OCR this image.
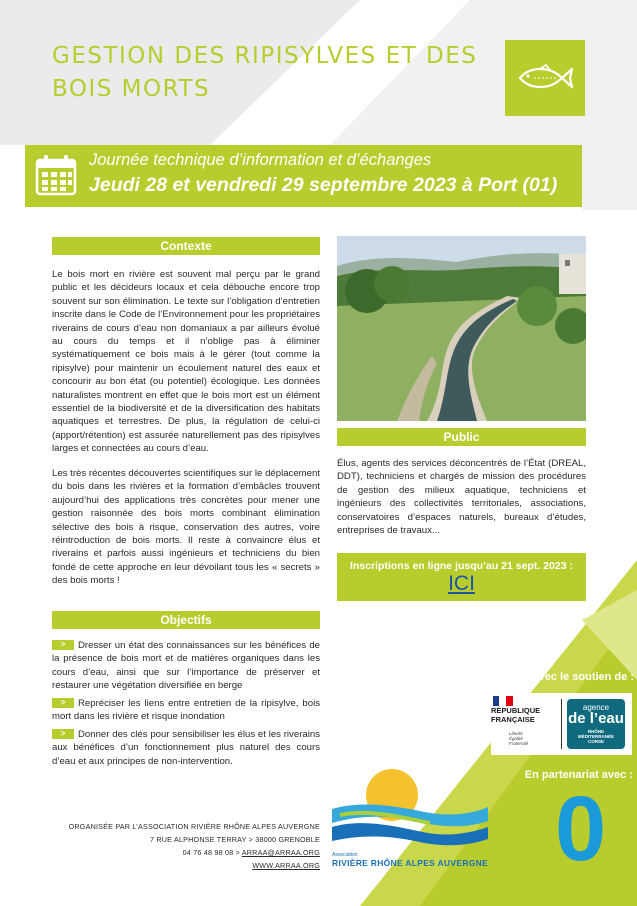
GESTION DES RIPISYLVES ET DES BOIS MORTS
Journée technique d’information et d’échanges
Jeudi 28 et vendredi 29 septembre 2023 à Port (01)
Contexte
Le bois mort en rivière est souvent mal perçu par le grand public et les décideurs locaux et cela débouche encore trop souvent sur son élimination. Le texte sur l’obligation d’entretien inscrite dans le Code de l’Environnement pour les propriétaires riverains de cours d’eau non domaniaux a par ailleurs évolué au cours du temps et il n’oblige pas à éliminer systématiquement ce bois mais à le gérer (tout comme la ripisylve) pour maintenir un écoulement naturel des eaux et concourir au bon état (ou potentiel) écologique. Les données naturalistes montrent en effet que le bois mort est un élément essentiel de la biodiversité et de la diversification des habitats aquatiques et terrestres. De plus, la régulation de celui-ci (apport/rétention) est assurée naturellement pas des ripisylves larges et connectées au cours d’eau.
Les très récentes découvertes scientifiques sur le déplacement du bois dans les rivières et la formation d’embâcles trouvent aujourd’hui des applications très concrètes pour mener une gestion raisonnée des bois morts combinant élimination sélective des bois à risque, conservation des autres, voire réintroduction de bois morts. Il reste à convaincre élus et riverains et parfois aussi ingénieurs et techniciens du bien fondé de cette approche en leur dévoilant tous les « secrets » des bois morts !
Public
Élus, agents des services déconcentrés de l’État (DREAL, DDT), techniciens et chargés de mission des procédures de gestion des milieux aquatique, techniciens et ingénieurs des collectivités territoriales, associations, conservatoires d’espaces naturels, bureaux d’études, entreprises de travaux...
Inscriptions en ligne jusqu’au 21 sept. 2023 :
ICI
Objectifs
> Dresser un état des connaissances sur les bénéfices de la présence de bois mort et de matières organiques dans les cours d’eau, ainsi que sur l’importance de préserver et restaurer une végétation diversifiée en berge
> Repréciser les liens entre entretien de la ripisylve, bois mort dans les rivière et risque inondation
> Donner des clés pour sensibiliser les élus et les riverains aux bénéfices d’un fonctionnement plus naturel des cours d’eau et aux principes de non-intervention.
Avec le soutien de :
RÉPUBLIQUE
FRANÇAISE
Liberté
Égalité
Fraternité
agence
de l’eau
RHÔNE
MÉDITERRANÉE
CORSE
En partenariat avec :
0
ORGANISÉE PAR L’ASSOCIATION RIVIÈRE RHÔNE ALPES AUVERGNE
7 RUE ALPHONSE TERRAY > 38000 GRENOBLE
04 76 48 98 08 > ARRAA@ARRAA.ORG
WWW.ARRAA.ORG
Association
RIVIÈRE RHÔNE ALPES AUVERGNE
